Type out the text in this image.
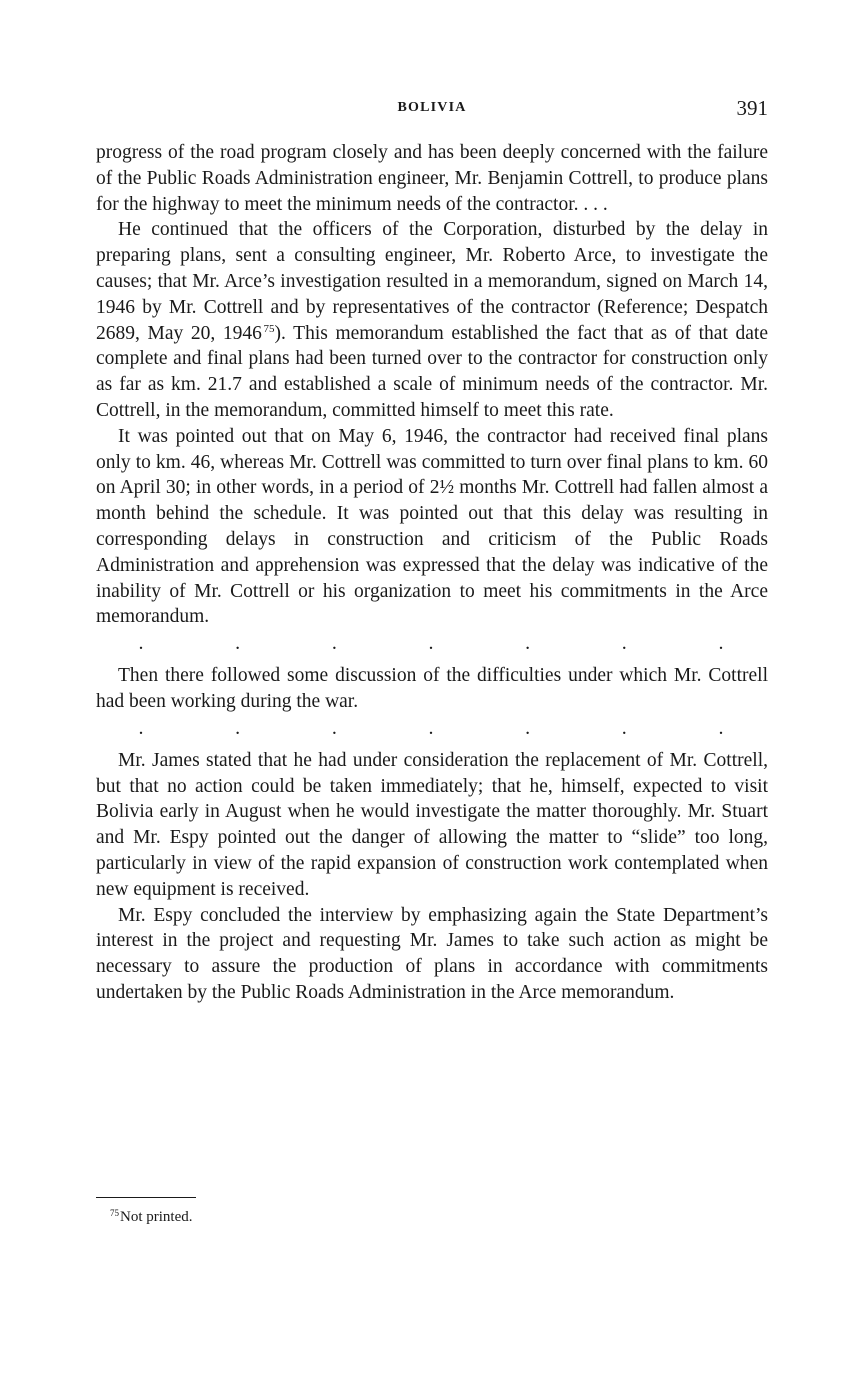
BOLIVIA	391

progress of the road program closely and has been deeply concerned with the failure of the Public Roads Administration engineer, Mr. Benjamin Cottrell, to produce plans for the highway to meet the minimum needs of the contractor. . . .

He continued that the officers of the Corporation, disturbed by the delay in preparing plans, sent a consulting engineer, Mr. Roberto Arce, to investigate the causes; that Mr. Arce’s investigation resulted in a memorandum, signed on March 14, 1946 by Mr. Cottrell and by representatives of the contractor (Reference; Despatch 2689, May 20, 1946  $^{75}$). This memorandum established the fact that as of that date complete and final plans had been turned over to the contractor for construction only as far as km. 21.7 and established a scale of minimum needs of the contractor. Mr. Cottrell, in the memorandum, committed himself to meet this rate.

It was pointed out that on May 6, 1946, the contractor had received final plans only to km. 46, whereas Mr. Cottrell was committed to turn over final plans to km. 60 on April 30; in other words, in a period of 2½ months Mr. Cottrell had fallen almost a month behind the schedule. It was pointed out that this delay was resulting in corresponding delays in construction and criticism of the Public Roads Administration and apprehension was expressed that the delay was indicative of the inability of Mr. Cottrell or his organization to meet his commitments in the Arce memorandum.

.	.	.	.	.	.	.

Then there followed some discussion of the difficulties under which Mr. Cottrell had been working during the war.

.	.	.	.	.	.	.

Mr. James stated that he had under consideration the replacement of Mr. Cottrell, but that no action could be taken immediately; that he, himself, expected to visit Bolivia early in August when he would investigate the matter thoroughly. Mr. Stuart and Mr. Espy pointed out the danger of allowing the matter to “slide” too long, particularly in view of the rapid expansion of construction work contemplated when new equipment is received.

Mr. Espy concluded the interview by emphasizing again the State Department’s interest in the project and requesting Mr. James to take such action as might be necessary to assure the production of plans in accordance with commitments undertaken by the Public Roads Administration in the Arce memorandum.

$^{75}$Not printed.
